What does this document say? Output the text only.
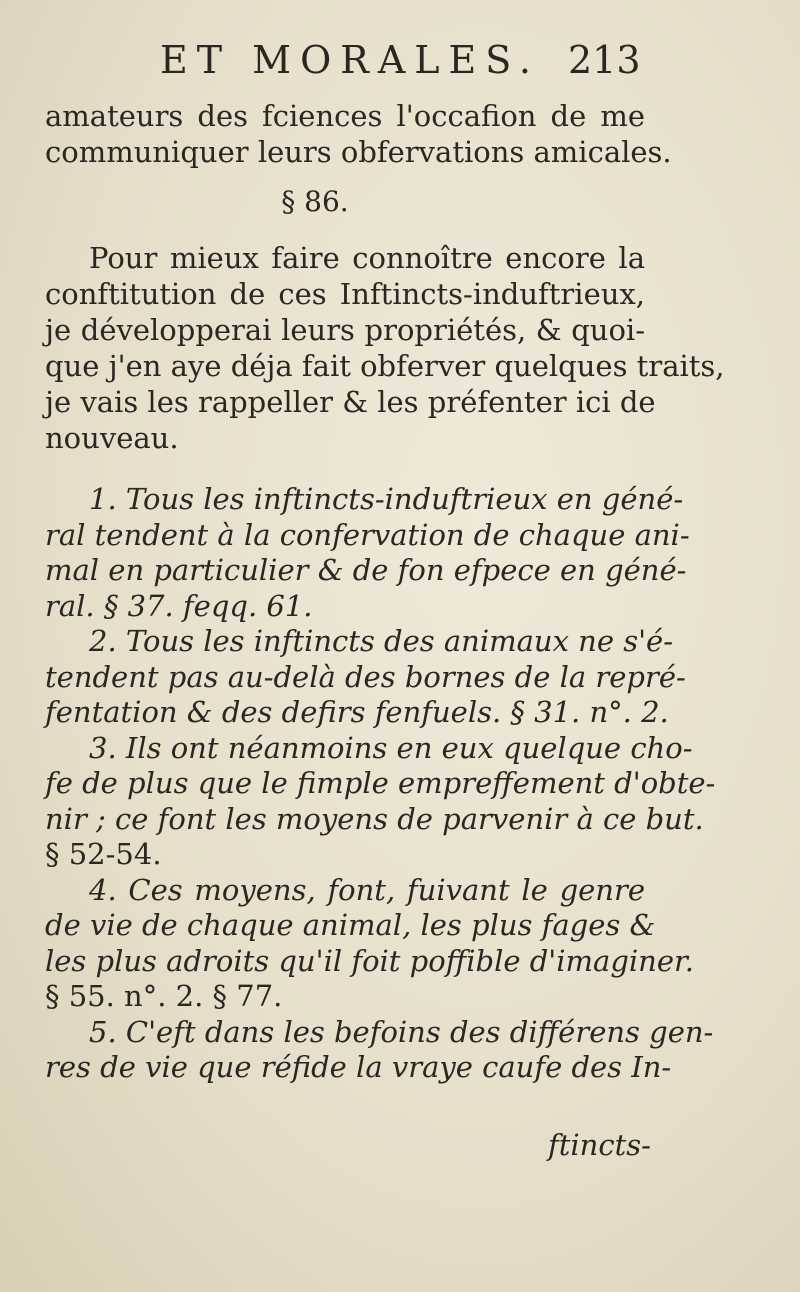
ET MORALES. 213
amateurs des fciences l'occafion de me
communiquer leurs obfervations amicales.
§ 86.
Pour mieux faire connoître encore la
conftitution de ces Inftincts-induftrieux,
je développerai leurs propriétés, & quoi-
que j'en aye déja fait obferver quelques traits,
je vais les rappeller & les préfenter ici de
nouveau.
1. Tous les inftincts-induftrieux en géné-
ral tendent à la confervation de chaque ani-
mal en particulier & de fon efpece en géné-
ral. § 37. feqq. 61.
2. Tous les inftincts des animaux ne s'é-
tendent pas au-delà des bornes de la repré-
fentation & des defirs fenfuels. § 31. n°. 2.
3. Ils ont néanmoins en eux quelque cho-
fe de plus que le fimple empreffement d'obte-
nir ; ce font les moyens de parvenir à ce but.
§ 52-54.
4. Ces moyens, font, fuivant le genre
de vie de chaque animal, les plus fages &
les plus adroits qu'il foit poffible d'imaginer.
§ 55. n°. 2. § 77.
5. C'eft dans les befoins des différens gen-
res de vie que réfide la vraye caufe des In-
ftincts-
